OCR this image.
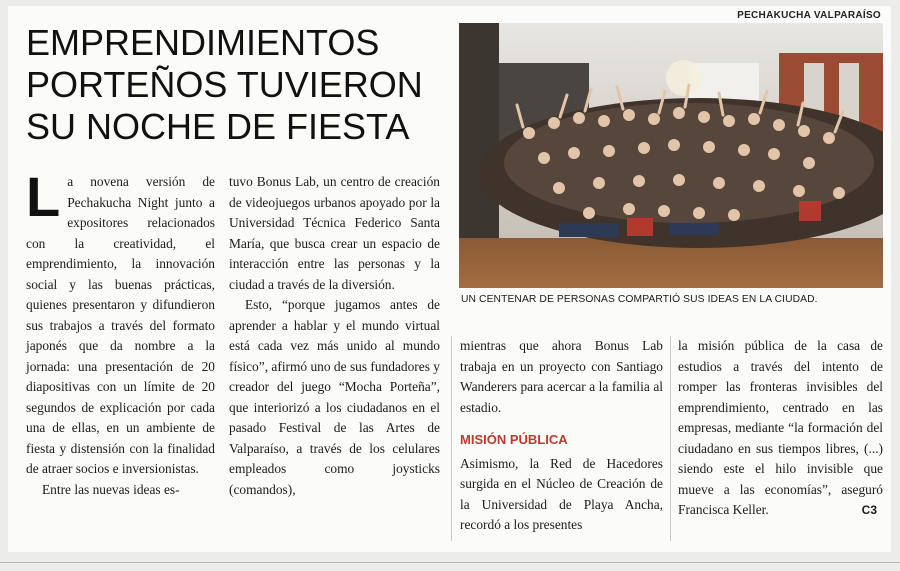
PECHAKUCHA VALPARAÍSO
EMPRENDIMIENTOS PORTEÑOS TUVIERON SU NOCHE DE FIESTA

La novena versión de Pechakucha Night junto a expositores relacionados con la creatividad, el emprendimiento, la innovación social y las buenas prácticas, quienes presentaron y difundieron sus trabajos a través del formato japonés que da nombre a la jornada: una presentación de 20 diapositivas con un límite de 20 segundos de explicación por cada una de ellas, en un ambiente de fiesta y distensión con la finalidad de atraer socios e inversionistas.

Entre las nuevas ideas es-

tuvo Bonus Lab, un centro de creación de videojuegos urbanos apoyado por la Universidad Técnica Federico Santa María, que busca crear un espacio de interacción entre las personas y la ciudad a través de la diversión.

Esto, “porque jugamos antes de aprender a hablar y el mundo virtual está cada vez más unido al mundo físico”, afirmó uno de sus fundadores y creador del juego “Mocha Porteña”, que interiorizó a los ciudadanos en el pasado Festival de las Artes de Valparaíso, a través de los celulares empleados como joysticks (comandos),

UN CENTENAR DE PERSONAS COMPARTIÓ SUS IDEAS EN LA CIUDAD.

mientras que ahora Bonus Lab trabaja en un proyecto con Santiago Wanderers para acercar a la familia al estadio.

MISIÓN PÚBLICA

Asimismo, la Red de Hacedores surgida en el Núcleo de Creación de la Universidad de Playa Ancha, recordó a los presentes

la misión pública de la casa de estudios a través del intento de romper las fronteras invisibles del emprendimiento, centrado en las empresas, mediante “la formación del ciudadano en sus tiempos libres, (...) siendo este el hilo invisible que mueve a las economías”, aseguró Francisca Keller.	C3
